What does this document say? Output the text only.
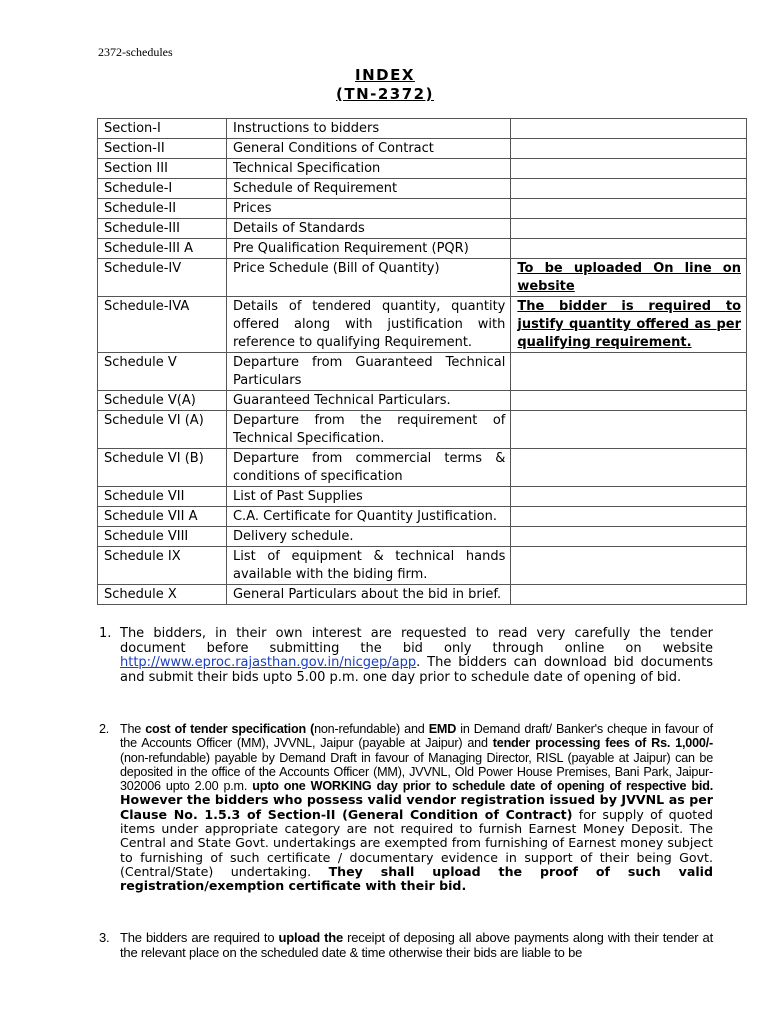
2372-schedules
INDEX
(TN-2372)
Section-I	Instructions to bidders	
Section-II	General Conditions of Contract	
Section III	Technical Specification	
Schedule-I	Schedule of Requirement	
Schedule-II	Prices	
Schedule-III	Details of Standards	
Schedule-III A	Pre Qualification Requirement (PQR)	
Schedule-IV	Price Schedule (Bill of Quantity)	To be uploaded On line on website
Schedule-IVA	Details of tendered quantity, quantity offered along with justification with reference to qualifying Requirement.	The bidder is required to justify quantity offered as per qualifying requirement.
Schedule V	Departure from Guaranteed Technical Particulars	
Schedule V(A)	Guaranteed Technical Particulars.	
Schedule VI (A)	Departure from the requirement of Technical Specification.	
Schedule VI (B)	Departure from commercial terms & conditions of specification	
Schedule VII	List of Past Supplies	
Schedule VII A	C.A. Certificate for Quantity Justification.	
Schedule VIII	Delivery schedule.	
Schedule IX	List of equipment & technical hands available with the biding firm.	
Schedule X	General Particulars about the bid in brief.	
1. The bidders, in their own interest are requested to read very carefully the tender document before submitting the bid only through online on website http://www.eproc.rajasthan.gov.in/nicgep/app. The bidders can download bid documents and submit their bids upto 5.00 p.m. one day prior to schedule date of opening of bid.
2. The cost of tender specification (non-refundable) and EMD in Demand draft/ Banker's cheque in favour of the Accounts Officer (MM), JVVNL, Jaipur (payable at Jaipur) and tender processing fees of Rs. 1,000/- (non-refundable) payable by Demand Draft in favour of Managing Director, RISL (payable at Jaipur) can be deposited in the office of the Accounts Officer (MM), JVVNL, Old Power House Premises, Bani Park, Jaipur-302006 upto 2.00 p.m. upto one WORKING day prior to schedule date of opening of respective bid. However the bidders who possess valid vendor registration issued by JVVNL as per Clause No. 1.5.3 of Section-II (General Condition of Contract) for supply of quoted items under appropriate category are not required to furnish Earnest Money Deposit. The Central and State Govt. undertakings are exempted from furnishing of Earnest money subject to furnishing of such certificate / documentary evidence in support of their being Govt. (Central/State) undertaking. They shall upload the proof of such valid registration/exemption certificate with their bid.
3. The bidders are required to upload the receipt of deposing all above payments along with their tender at the relevant place on the scheduled date & time otherwise their bids are liable to be
